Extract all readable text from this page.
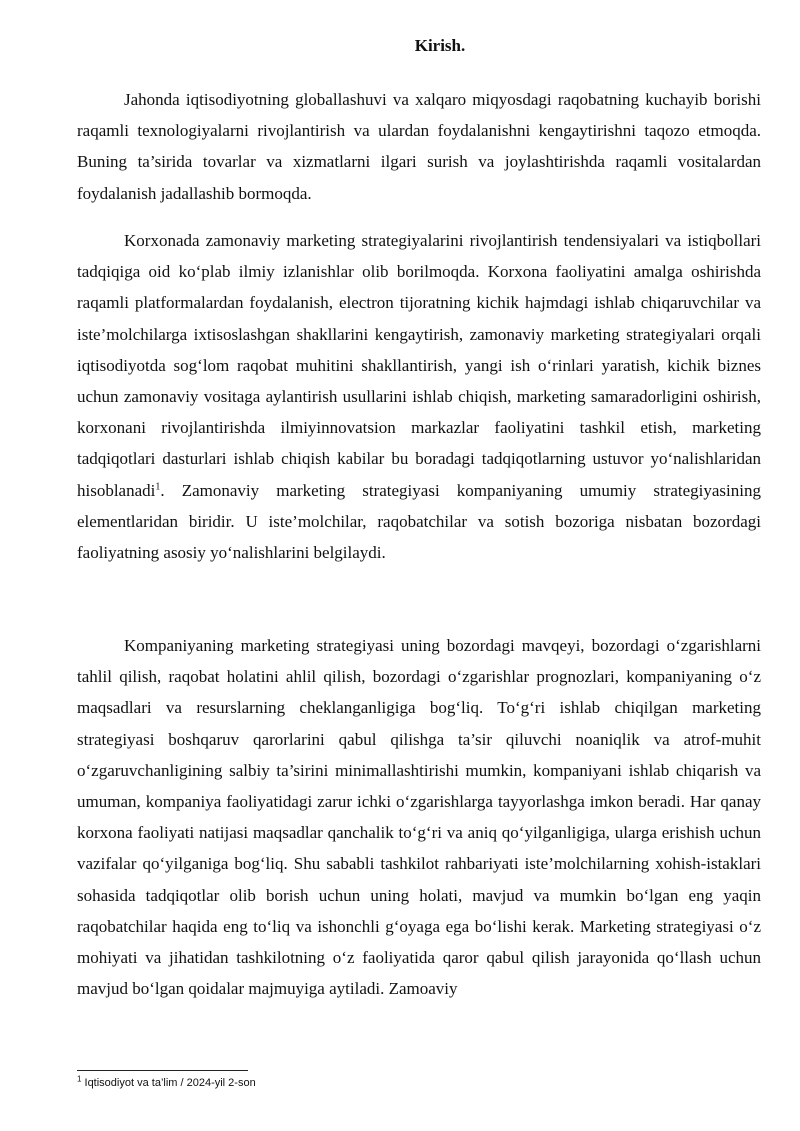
Kirish.

Jahonda iqtisodiyotning globallashuvi va xalqaro miqyosdagi raqobatning kuchayib borishi raqamli texnologiyalarni rivojlantirish va ulardan foydalanishni kengaytirishni taqozo etmoqda. Buning ta’sirida tovarlar va xizmatlarni ilgari surish va joylashtirishda raqamli vositalardan foydalanish jadallashib bormoqda.

Korxonada zamonaviy marketing strategiyalarini rivojlantirish tendensiyalari va istiqbollari tadqiqiga oid ko‘plab ilmiy izlanishlar olib borilmoqda. Korxona faoliyatini amalga oshirishda raqamli platformalardan foydalanish, electron tijoratning kichik hajmdagi ishlab chiqaruvchilar va iste’molchilarga ixtisoslashgan shakllarini kengaytirish, zamonaviy marketing strategiyalari orqali iqtisodiyotda sog‘lom raqobat muhitini shakllantirish, yangi ish o‘rinlari yaratish, kichik biznes uchun zamonaviy vositaga aylantirish usullarini ishlab chiqish, marketing samaradorligini oshirish, korxonani rivojlantirishda ilmiyinnovatsion markazlar faoliyatini tashkil etish, marketing tadqiqotlari dasturlari ishlab chiqish kabilar bu boradagi tadqiqotlarning ustuvor yo‘nalishlaridan hisoblanadi$^1$. Zamonaviy marketing strategiyasi kompaniyaning umumiy strategiyasining elementlaridan biridir. U iste’molchilar, raqobatchilar va sotish bozoriga nisbatan bozordagi faoliyatning asosiy yo‘nalishlarini belgilaydi.

Kompaniyaning marketing strategiyasi uning bozordagi mavqeyi, bozordagi o‘zgarishlarni tahlil qilish, raqobat holatini ahlil qilish, bozordagi o‘zgarishlar prognozlari, kompaniyaning o‘z maqsadlari va resurslarning cheklanganligiga bog‘liq. To‘g‘ri ishlab chiqilgan marketing strategiyasi boshqaruv qarorlarini qabul qilishga ta’sir qiluvchi noaniqlik va atrof-muhit o‘zgaruvchanligining salbiy ta’sirini minimallashtirishi mumkin, kompaniyani ishlab chiqarish va umuman, kompaniya faoliyatidagi zarur ichki o‘zgarishlarga tayyorlashga imkon beradi. Har qanay korxona faoliyati natijasi maqsadlar qanchalik to‘g‘ri va aniq qo‘yilganligiga, ularga erishish uchun vazifalar qo‘yilganiga bog‘liq. Shu sababli tashkilot rahbariyati iste’molchilarning xohish-istaklari sohasida tadqiqotlar olib borish uchun uning holati, mavjud va mumkin bo‘lgan eng yaqin raqobatchilar haqida eng to‘liq va ishonchli g‘oyaga ega bo‘lishi kerak. Marketing strategiyasi o‘z mohiyati va jihatidan tashkilotning o‘z faoliyatida qaror qabul qilish jarayonida qo‘llash uchun mavjud bo‘lgan qoidalar majmuyiga aytiladi. Zamoaviy

$^1$ Iqtisodiyot va ta’lim / 2024-yil 2-son
